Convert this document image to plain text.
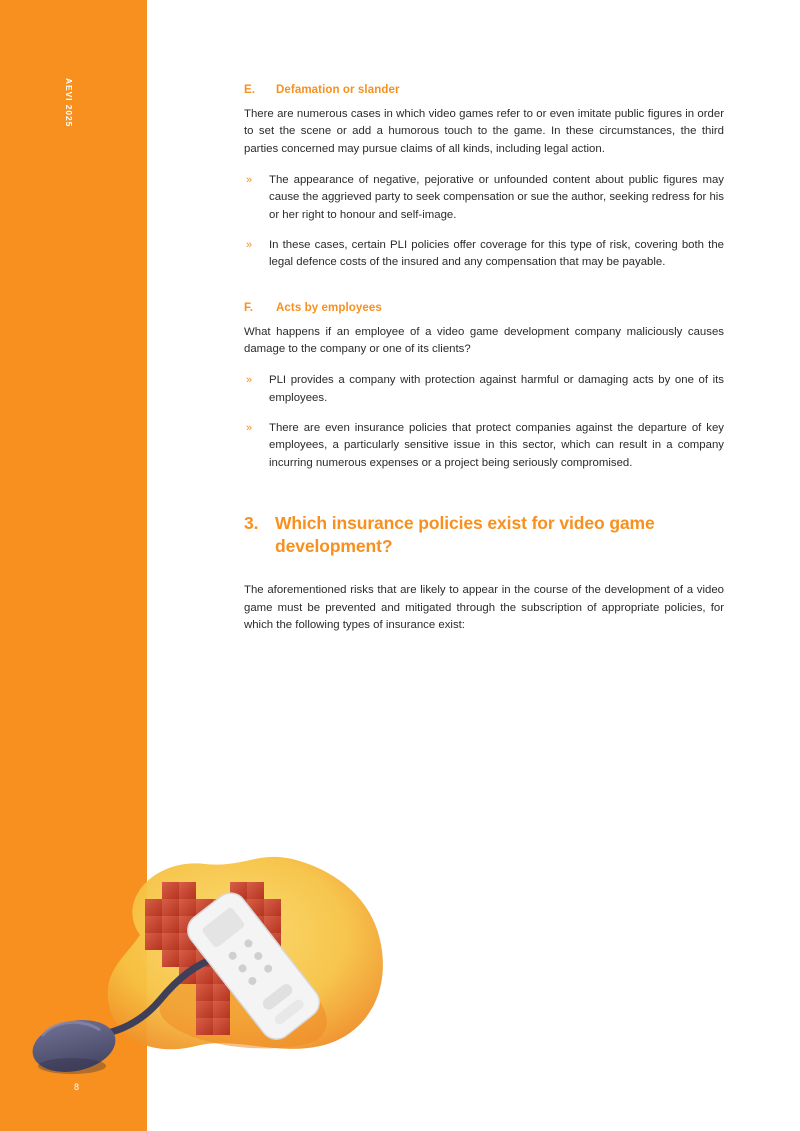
AEVI 2025
8
E.	Defamation or slander

There are numerous cases in which video games refer to or even imitate public figures in order to set the scene or add a humorous touch to the game. In these circumstances, the third parties concerned may pursue claims of all kinds, including legal action.

» The appearance of negative, pejorative or unfounded content about public figures may cause the aggrieved party to seek compensation or sue the author, seeking redress for his or her right to honour and self-image.
» In these cases, certain PLI policies offer coverage for this type of risk, covering both the legal defence costs of the insured and any compensation that may be payable.
F.	Acts by employees

What happens if an employee of a video game development company maliciously causes damage to the company or one of its clients?

» PLI provides a company with protection against harmful or damaging acts by one of its employees.
» There are even insurance policies that protect companies against the departure of key employees, a particularly sensitive issue in this sector, which can result in a company incurring numerous expenses or a project being seriously compromised.
3. Which insurance policies exist for video game development?

The aforementioned risks that are likely to appear in the course of the development of a video game must be prevented and mitigated through the subscription of appropriate policies, for which the following types of insurance exist:
